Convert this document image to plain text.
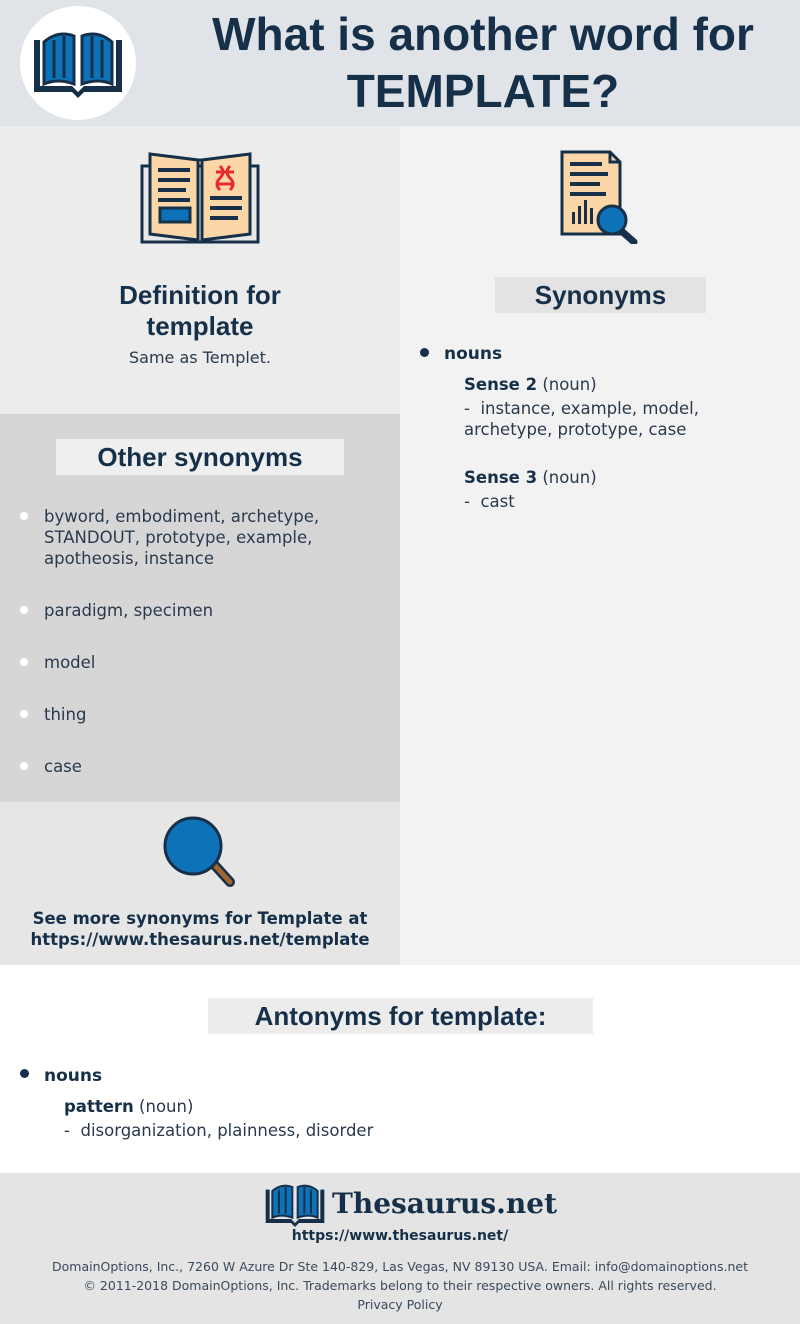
What is another word for
TEMPLATE?
Definition for
template
Same as Templet.
Other synonyms
byword, embodiment, archetype, STANDOUT, prototype, example, apotheosis, instance
paradigm, specimen
model
thing
case
See more synonyms for Template at
https://www.thesaurus.net/template
Synonyms
nouns
Sense 2 (noun)
- instance, example, model,
archetype, prototype, case
Sense 3 (noun)
- cast
Antonyms for template:
nouns
pattern (noun)
- disorganization, plainness, disorder
Thesaurus.net
https://www.thesaurus.net/
DomainOptions, Inc., 7260 W Azure Dr Ste 140-829, Las Vegas, NV 89130 USA. Email: info@domainoptions.net
© 2011-2018 DomainOptions, Inc. Trademarks belong to their respective owners. All rights reserved.
Privacy Policy
